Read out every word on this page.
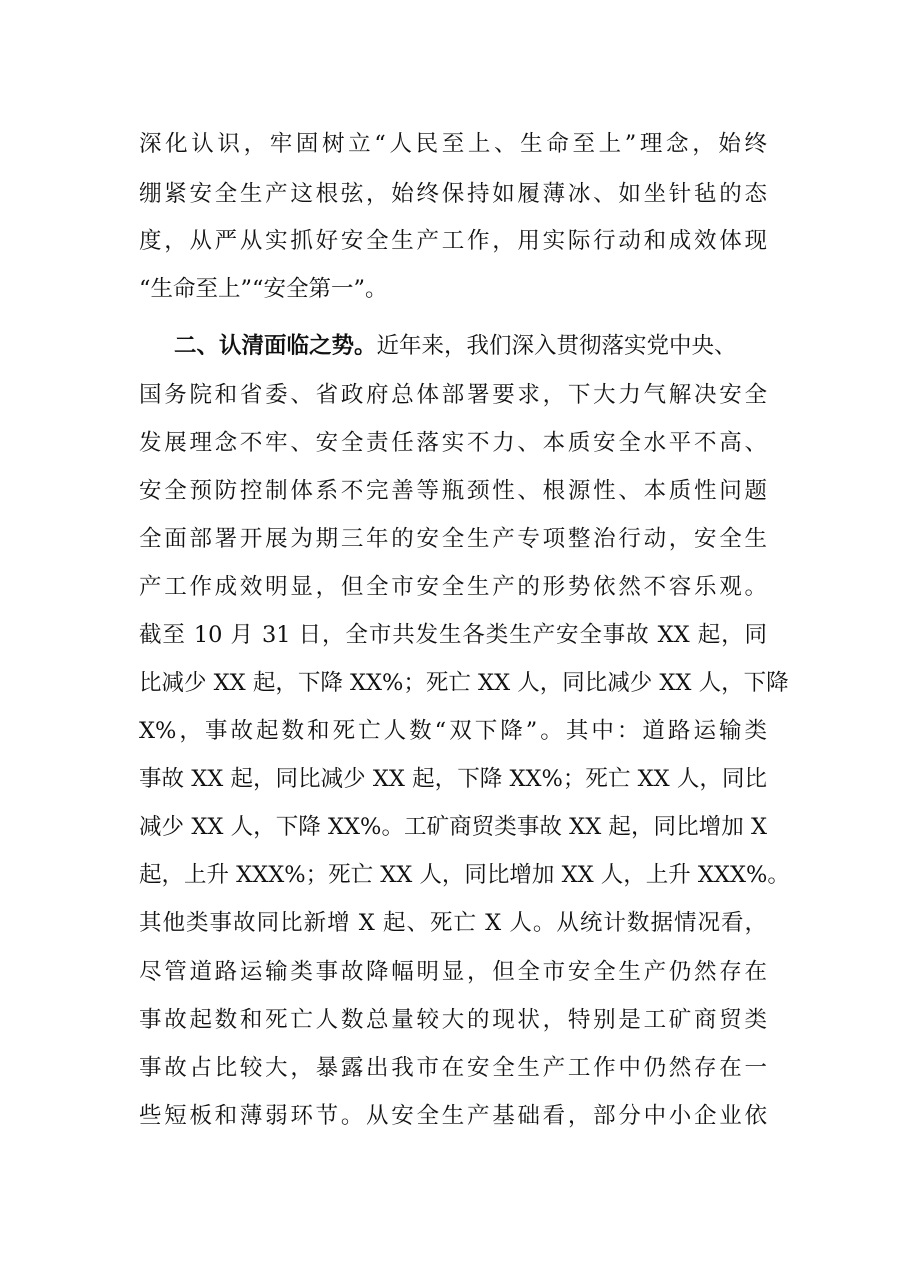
深化认识，牢固树立“人民至上、生命至上”理念，始终
绷紧安全生产这根弦，始终保持如履薄冰、如坐针毡的态
度，从严从实抓好安全生产工作，用实际行动和成效体现
“生命至上”“安全第一”。
二、认清面临之势。近年来，我们深入贯彻落实党中央、
国务院和省委、省政府总体部署要求，下大力气解决安全
发展理念不牢、安全责任落实不力、本质安全水平不高、
安全预防控制体系不完善等瓶颈性、根源性、本质性问题
全面部署开展为期三年的安全生产专项整治行动，安全生
产工作成效明显，但全市安全生产的形势依然不容乐观。
截至 10 月 31 日，全市共发生各类生产安全事故 XX 起，同
比减少 XX 起，下降 XX%；死亡 XX 人，同比减少 XX 人，下降
X%，事故起数和死亡人数“双下降”。其中：道路运输类
事故 XX 起，同比减少 XX 起，下降 XX%；死亡 XX 人，同比
减少 XX 人，下降 XX%。工矿商贸类事故 XX 起，同比增加 X
起，上升 XXX%；死亡 XX 人，同比增加 XX 人，上升 XXX%。
其他类事故同比新增 X 起、死亡 X 人。从统计数据情况看，
尽管道路运输类事故降幅明显，但全市安全生产仍然存在
事故起数和死亡人数总量较大的现状，特别是工矿商贸类
事故占比较大，暴露出我市在安全生产工作中仍然存在一
些短板和薄弱环节。从安全生产基础看，部分中小企业依
